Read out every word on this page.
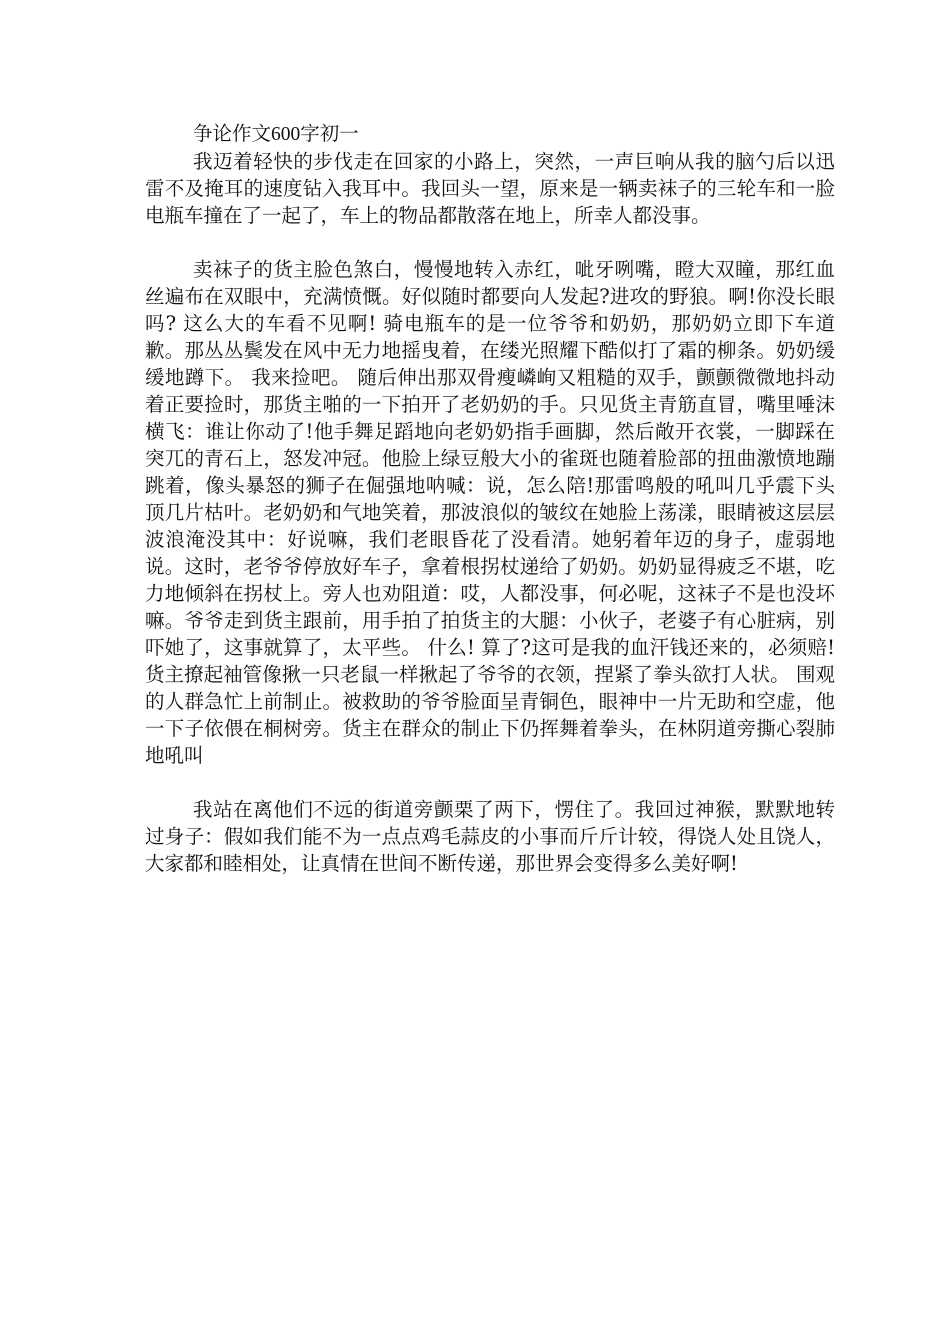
争论作文600字初一

我迈着轻快的步伐走在回家的小路上，突然，一声巨响从我的脑勺后以迅雷不及掩耳的速度钻入我耳中。我回头一望，原来是一辆卖袜子的三轮车和一脸电瓶车撞在了一起了，车上的物品都散落在地上，所幸人都没事。

卖袜子的货主脸色煞白，慢慢地转入赤红，呲牙咧嘴，瞪大双瞳，那红血丝遍布在双眼中，充满愤慨。好似随时都要向人发起?进攻的野狼。啊!你没长眼吗? 这么大的车看不见啊! 骑电瓶车的是一位爷爷和奶奶，那奶奶立即下车道歉。那丛丛鬓发在风中无力地摇曳着，在缕光照耀下酷似打了霜的柳条。奶奶缓缓地蹲下。 我来捡吧。 随后伸出那双骨瘦嶙峋又粗糙的双手，颤颤微微地抖动着正要捡时，那货主啪的一下拍开了老奶奶的手。只见货主青筋直冒，嘴里唾沫横飞：谁让你动了!他手舞足蹈地向老奶奶指手画脚，然后敞开衣裳，一脚踩在突兀的青石上，怒发冲冠。他脸上绿豆般大小的雀斑也随着脸部的扭曲激愤地蹦跳着，像头暴怒的狮子在倔强地呐喊：说，怎么陪!那雷鸣般的吼叫几乎震下头顶几片枯叶。老奶奶和气地笑着，那波浪似的皱纹在她脸上荡漾，眼睛被这层层波浪淹没其中：好说嘛，我们老眼昏花了没看清。她躬着年迈的身子，虚弱地说。这时，老爷爷停放好车子，拿着根拐杖递给了奶奶。奶奶显得疲乏不堪，吃力地倾斜在拐杖上。旁人也劝阻道：哎，人都没事，何必呢，这袜子不是也没坏嘛。爷爷走到货主跟前，用手拍了拍货主的大腿：小伙子，老婆子有心脏病，别吓她了，这事就算了，太平些。 什么! 算了?这可是我的血汗钱还来的，必须赔! 货主撩起袖管像揪一只老鼠一样揪起了爷爷的衣领，捏紧了拳头欲打人状。 围观的人群急忙上前制止。被救助的爷爷脸面呈青铜色，眼神中一片无助和空虚，他一下子依偎在桐树旁。货主在群众的制止下仍挥舞着拳头，在林阴道旁撕心裂肺地吼叫

我站在离他们不远的街道旁颤栗了两下，愣住了。我回过神猴，默默地转过身子：假如我们能不为一点点鸡毛蒜皮的小事而斤斤计较，得饶人处且饶人，大家都和睦相处，让真情在世间不断传递，那世界会变得多么美好啊!
